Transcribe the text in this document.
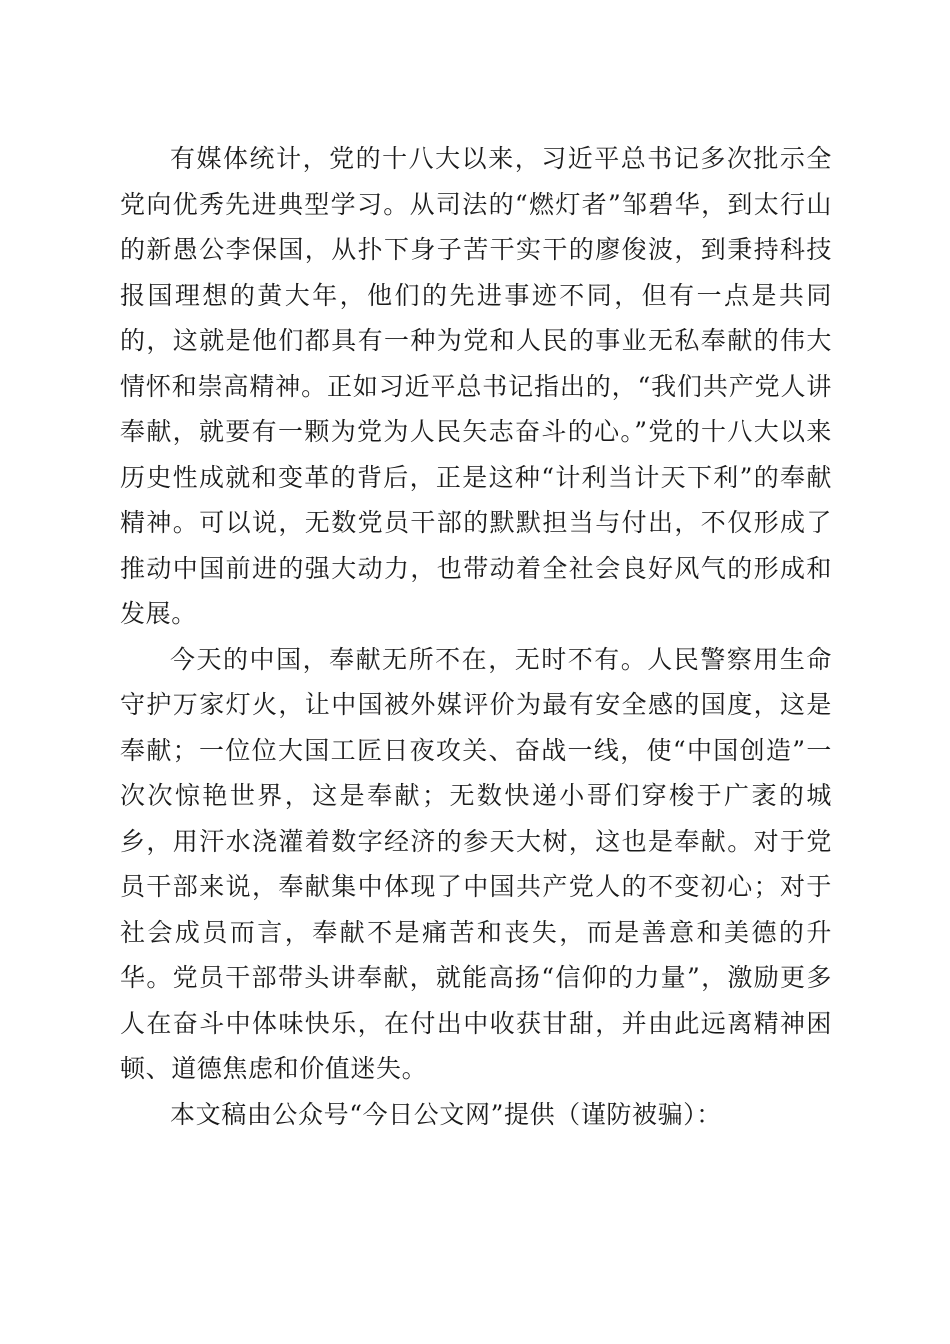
有媒体统计，党的十八大以来，习近平总书记多次批示全党向优秀先进典型学习。从司法的“燃灯者”邹碧华，到太行山的新愚公李保国，从扑下身子苦干实干的廖俊波，到秉持科技报国理想的黄大年，他们的先进事迹不同，但有一点是共同的，这就是他们都具有一种为党和人民的事业无私奉献的伟大情怀和崇高精神。正如习近平总书记指出的，“我们共产党人讲奉献，就要有一颗为党为人民矢志奋斗的心。”党的十八大以来历史性成就和变革的背后，正是这种“计利当计天下利”的奉献精神。可以说，无数党员干部的默默担当与付出，不仅形成了推动中国前进的强大动力，也带动着全社会良好风气的形成和发展。

今天的中国，奉献无所不在，无时不有。人民警察用生命守护万家灯火，让中国被外媒评价为最有安全感的国度，这是奉献；一位位大国工匠日夜攻关、奋战一线，使“中国创造”一次次惊艳世界，这是奉献；无数快递小哥们穿梭于广袤的城乡，用汗水浇灌着数字经济的参天大树，这也是奉献。对于党员干部来说，奉献集中体现了中国共产党人的不变初心；对于社会成员而言，奉献不是痛苦和丧失，而是善意和美德的升华。党员干部带头讲奉献，就能高扬“信仰的力量”，激励更多人在奋斗中体味快乐，在付出中收获甘甜，并由此远离精神困顿、道德焦虑和价值迷失。

本文稿由公众号“今日公文网”提供（谨防被骗）：
